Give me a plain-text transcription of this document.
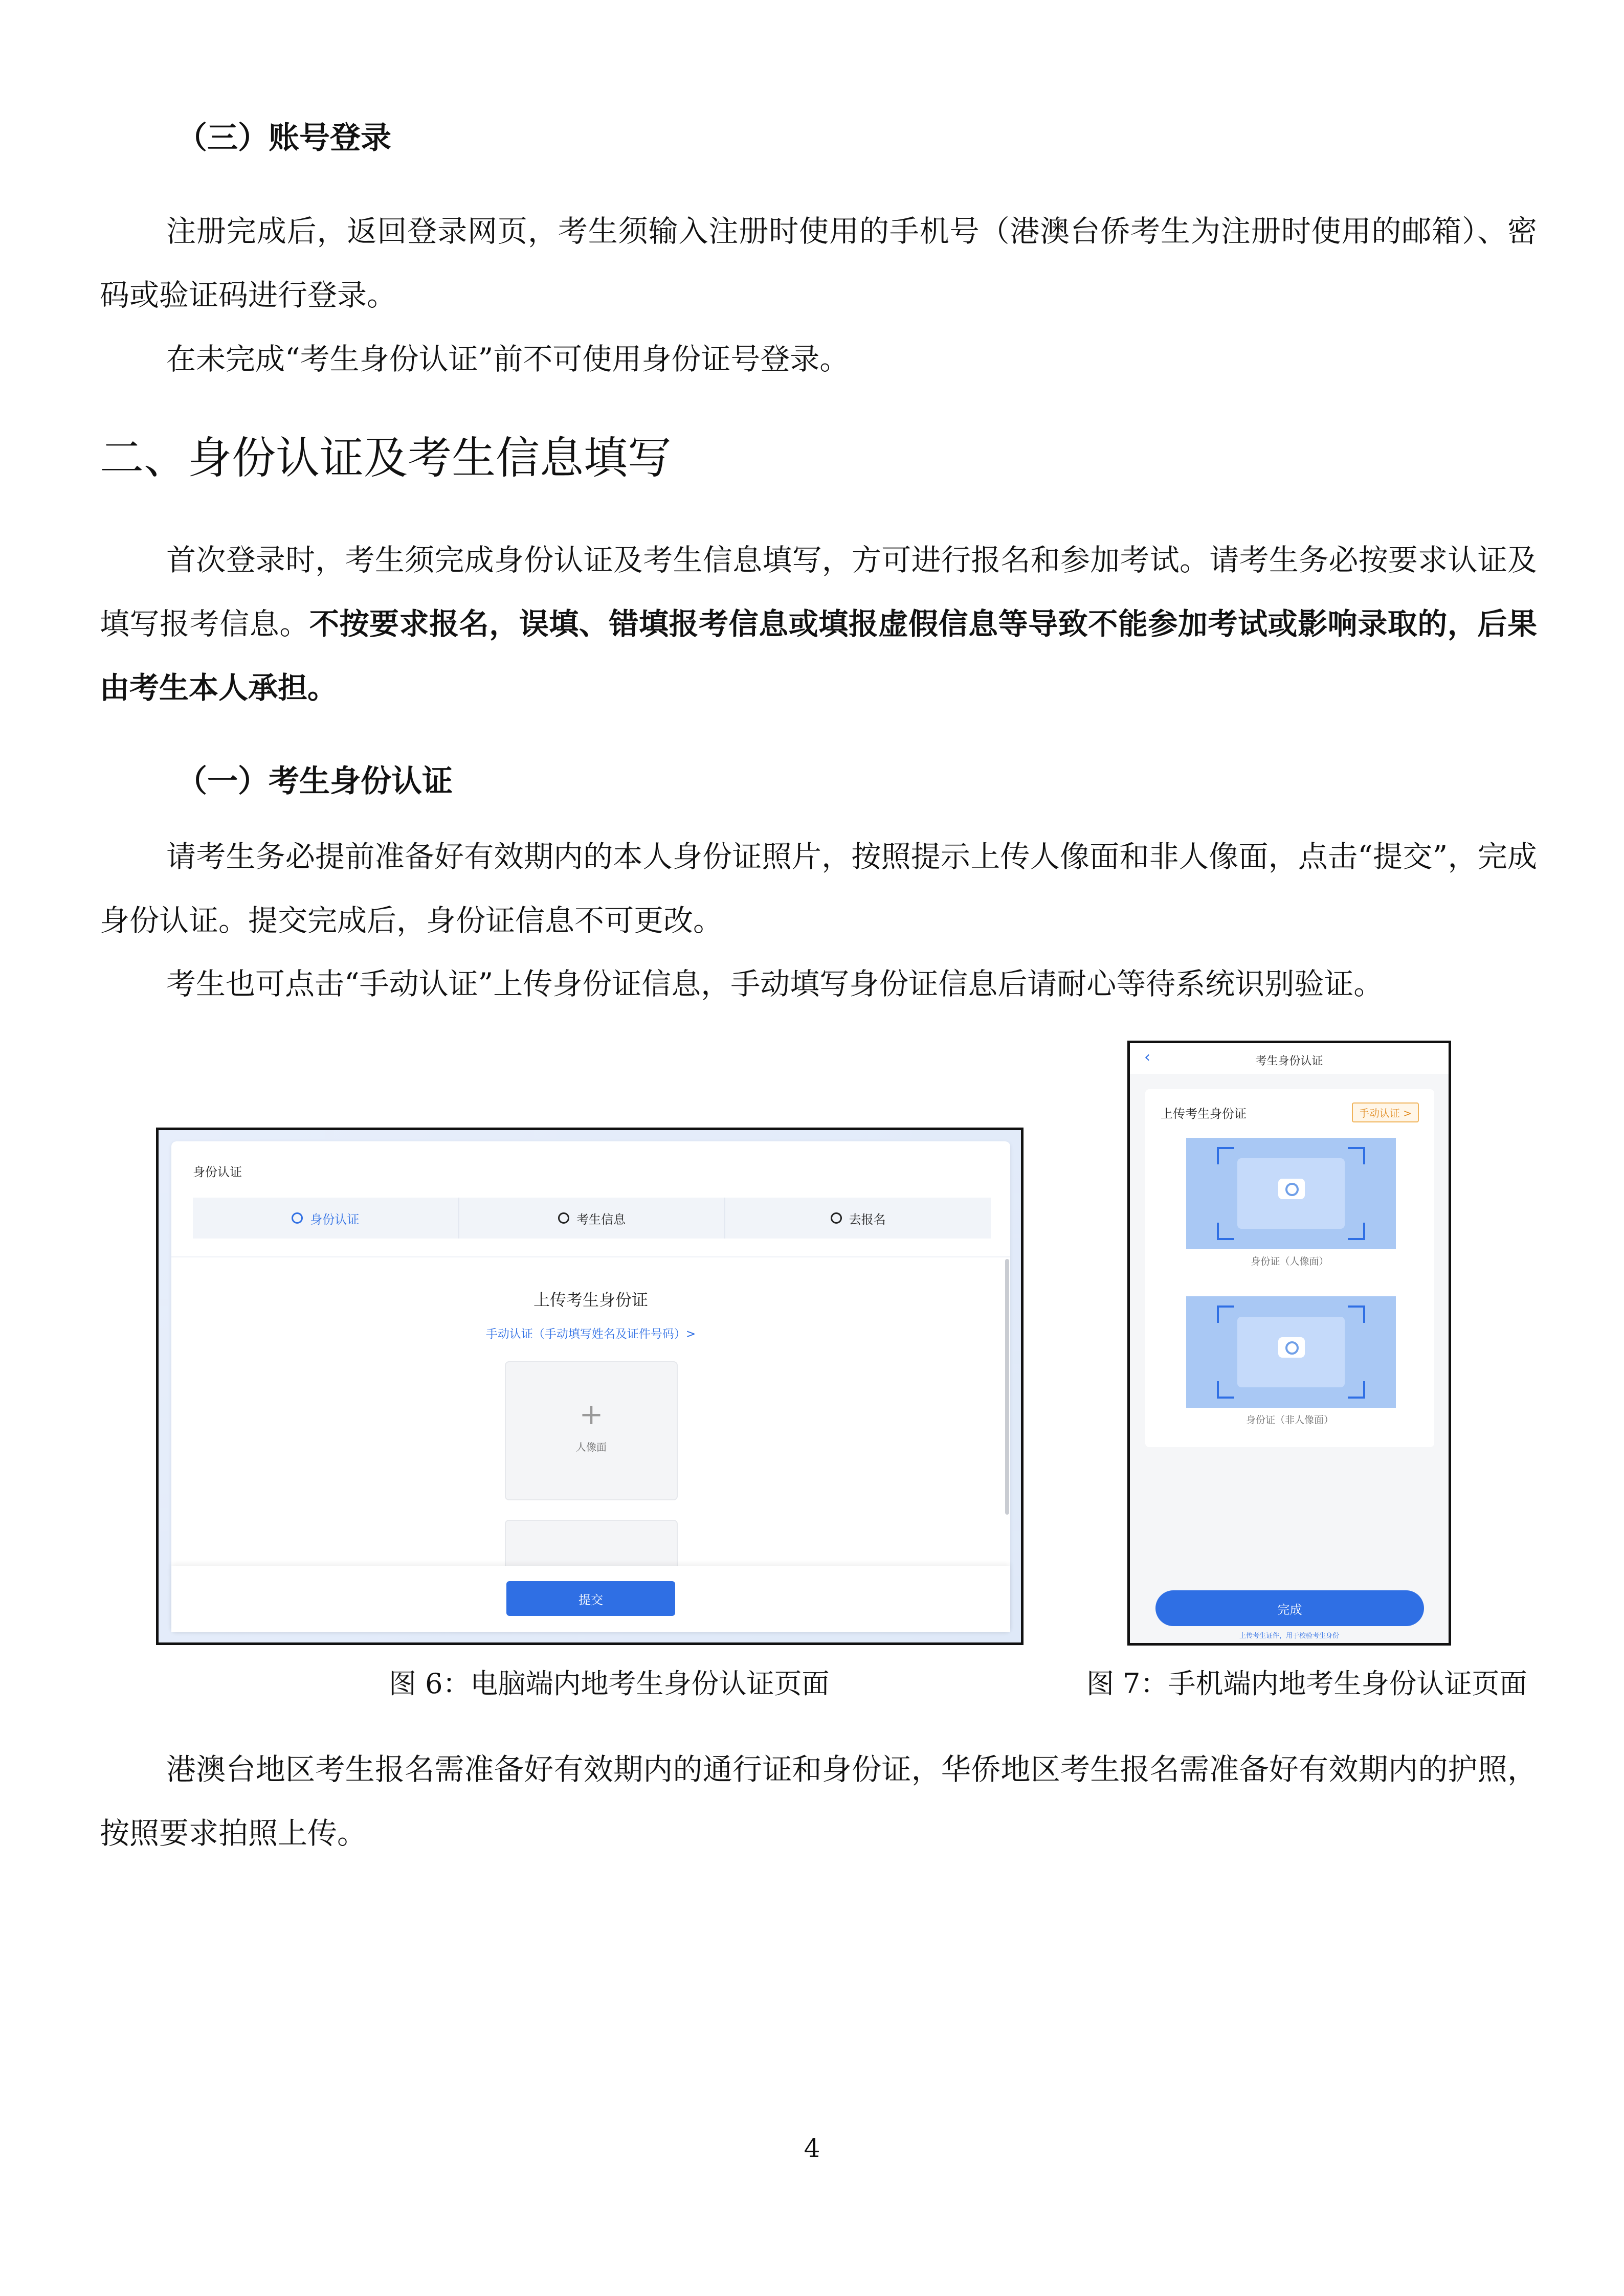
（三）账号登录

注册完成后，返回登录网页，考生须输入注册时使用的手机号（港澳台侨考生为注册时使用的邮箱）、密码或验证码进行登录。

在未完成“考生身份认证”前不可使用身份证号登录。

二、身份认证及考生信息填写

首次登录时，考生须完成身份认证及考生信息填写，方可进行报名和参加考试。请考生务必按要求认证及填写报考信息。不按要求报名，误填、错填报考信息或填报虚假信息等导致不能参加考试或影响录取的，后果由考生本人承担。

（一）考生身份认证

请考生务必提前准备好有效期内的本人身份证照片，按照提示上传人像面和非人像面，点击“提交”，完成身份认证。提交完成后，身份证信息不可更改。

考生也可点击“手动认证”上传身份证信息，手动填写身份证信息后请耐心等待系统识别验证。

身份认证
身份认证	考生信息	去报名
上传考生身份证
手动认证（手动填写姓名及证件号码）>
+
人像面
提交
‹	考生身份认证
上传考生身份证	手动认证 >
身份证（人像面）
身份证（非人像面）
完成
上传考生证件，用于校验考生身份
图 6：电脑端内地考生身份认证页面	图 7：手机端内地考生身份认证页面

港澳台地区考生报名需准备好有效期内的通行证和身份证，华侨地区考生报名需准备好有效期内的护照，按照要求拍照上传。

4
